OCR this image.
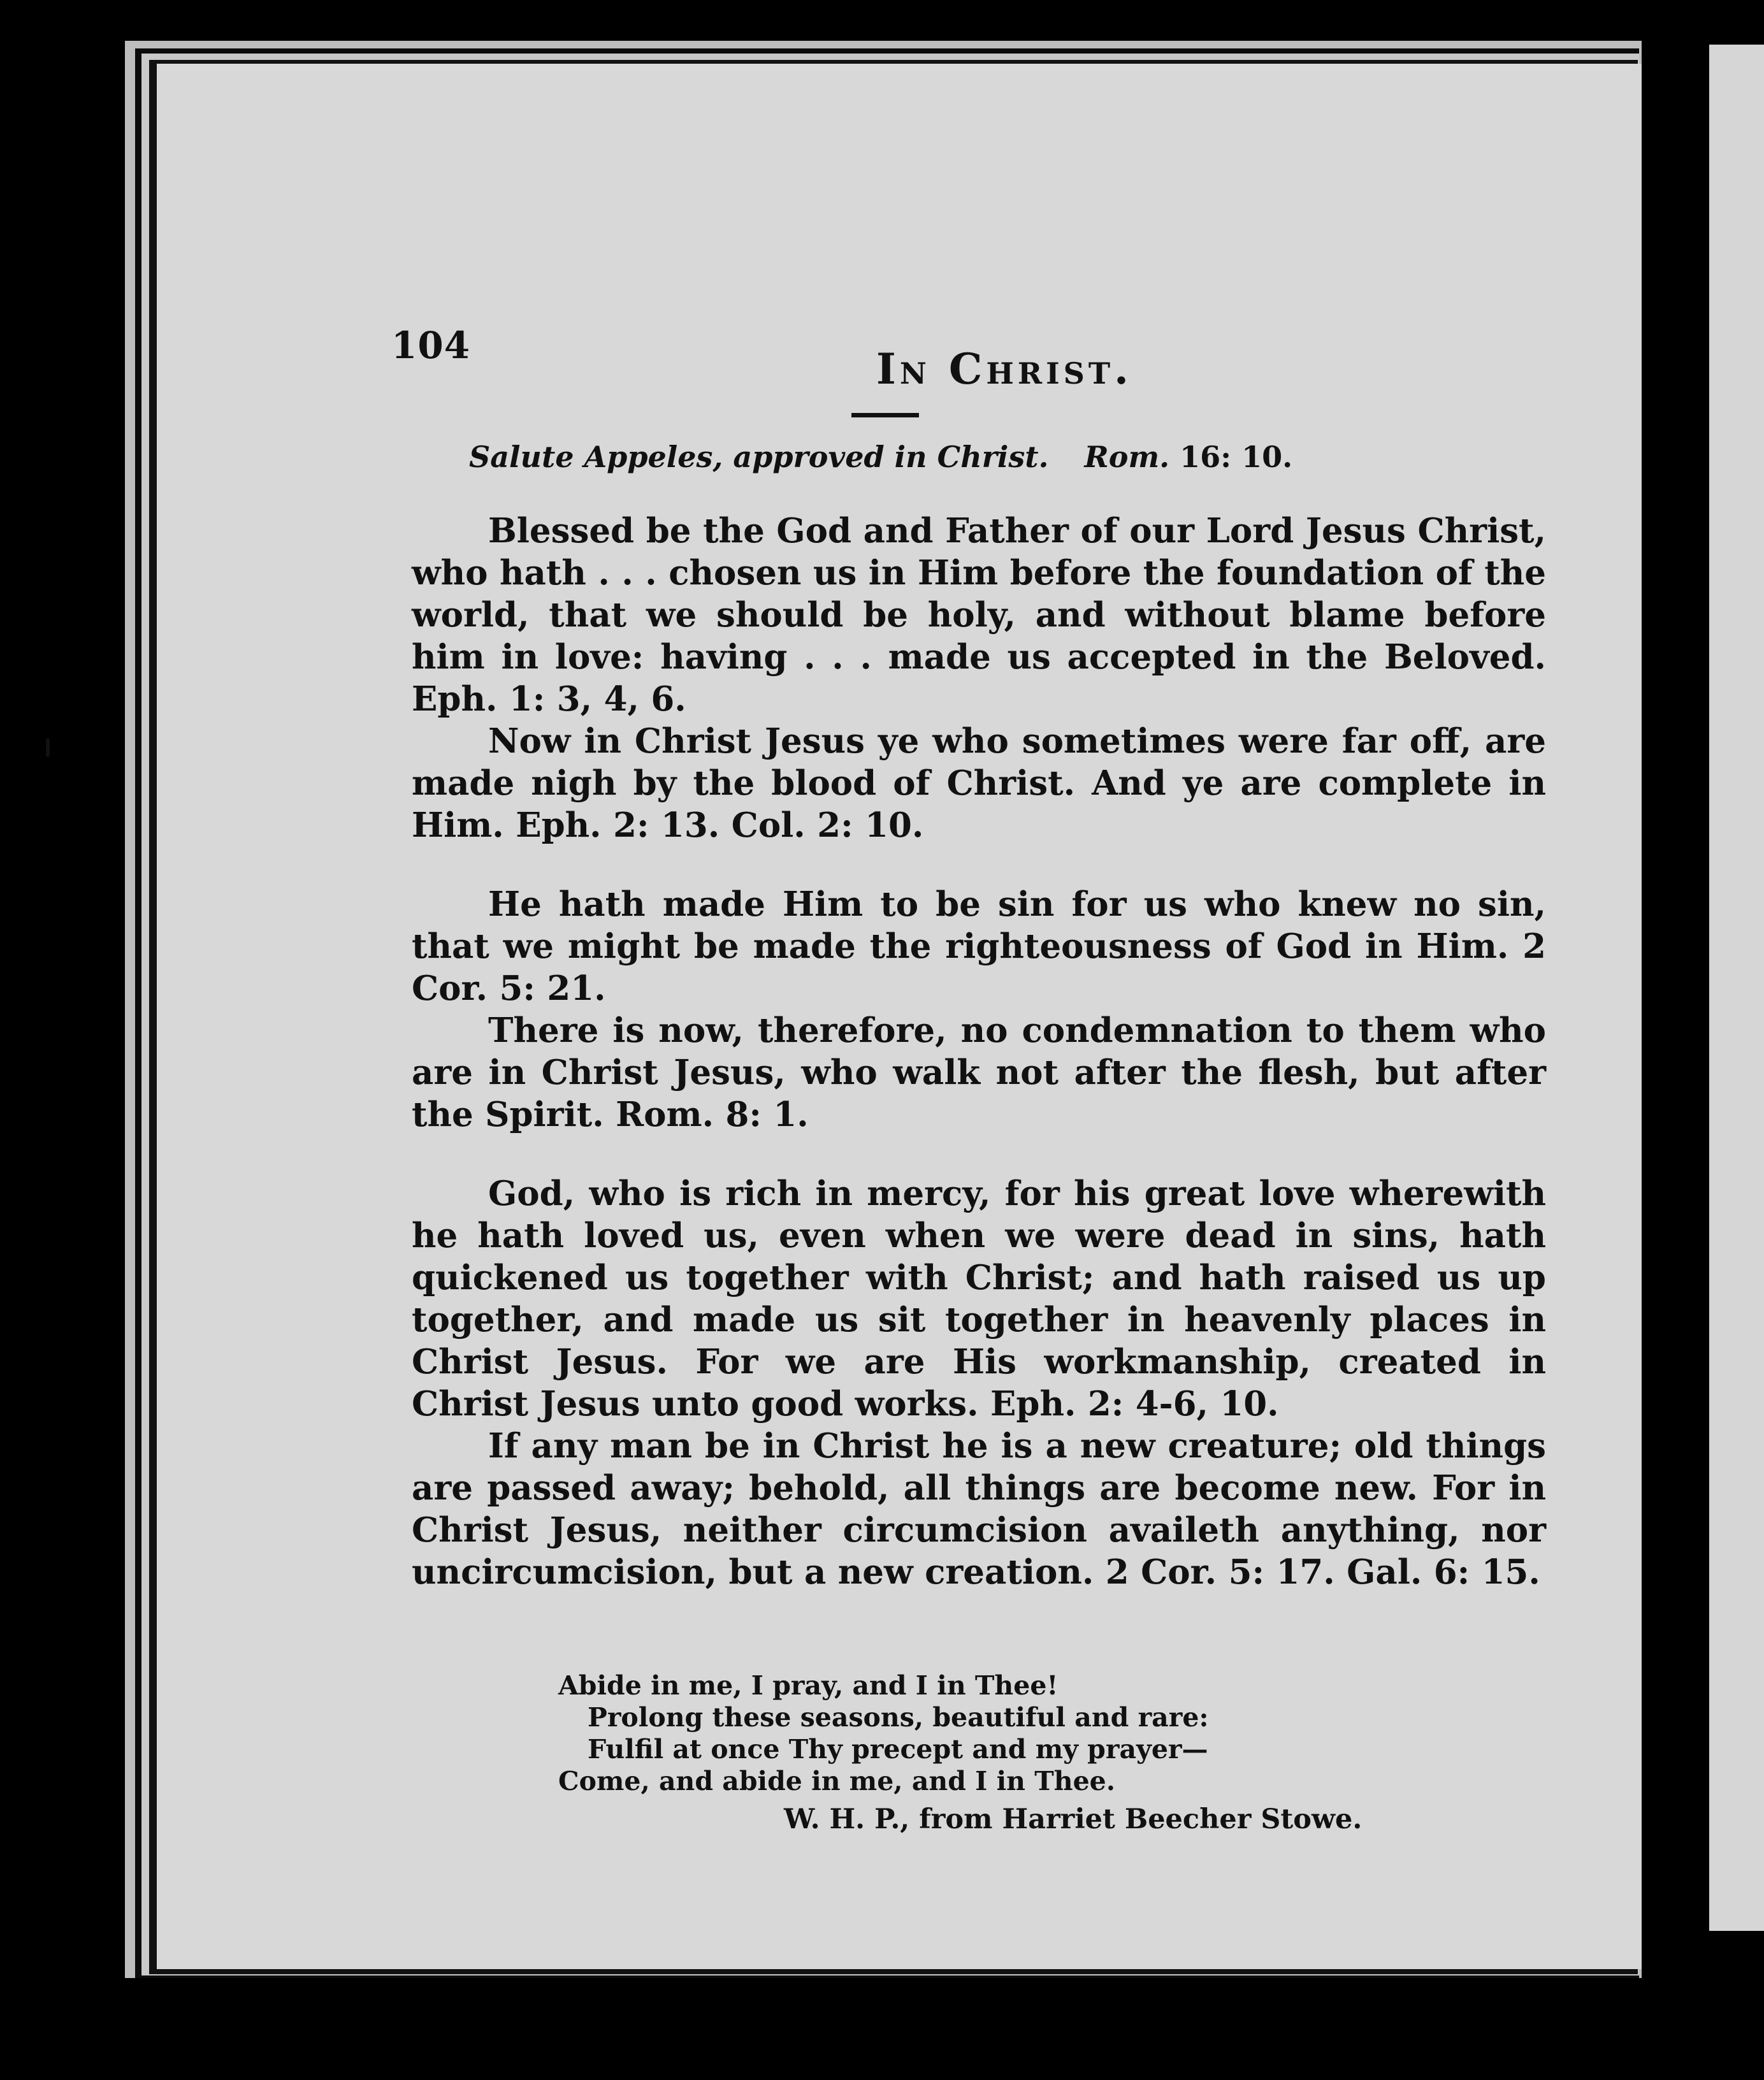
104	In Christ.
Salute Appeles, approved in Christ. Rom. 16: 10.

Blessed be the God and Father of our Lord Jesus Christ, who hath . . . chosen us in Him before the foundation of the world, that we should be holy, and without blame before him in love: having . . . made us accepted in the Beloved. Eph. 1: 3, 4, 6.

Now in Christ Jesus ye who sometimes were far off, are made nigh by the blood of Christ. And ye are complete in Him. Eph. 2: 13. Col. 2: 10.

He hath made Him to be sin for us who knew no sin, that we might be made the righteousness of God in Him. 2 Cor. 5: 21.

There is now, therefore, no condemnation to them who are in Christ Jesus, who walk not after the flesh, but after the Spirit. Rom. 8: 1.

God, who is rich in mercy, for his great love wherewith he hath loved us, even when we were dead in sins, hath quickened us together with Christ; and hath raised us up together, and made us sit together in heavenly places in Christ Jesus. For we are His workmanship, created in Christ Jesus unto good works. Eph. 2: 4-6, 10.

If any man be in Christ he is a new creature; old things are passed away; behold, all things are become new. For in Christ Jesus, neither circumcision availeth anything, nor uncircumcision, but a new creation. 2 Cor. 5: 17. Gal. 6: 15.

Abide in me, I pray, and I in Thee!
Prolong these seasons, beautiful and rare:
Fulfil at once Thy precept and my prayer—
Come, and abide in me, and I in Thee.
W. H. P., from Harriet Beecher Stowe.
